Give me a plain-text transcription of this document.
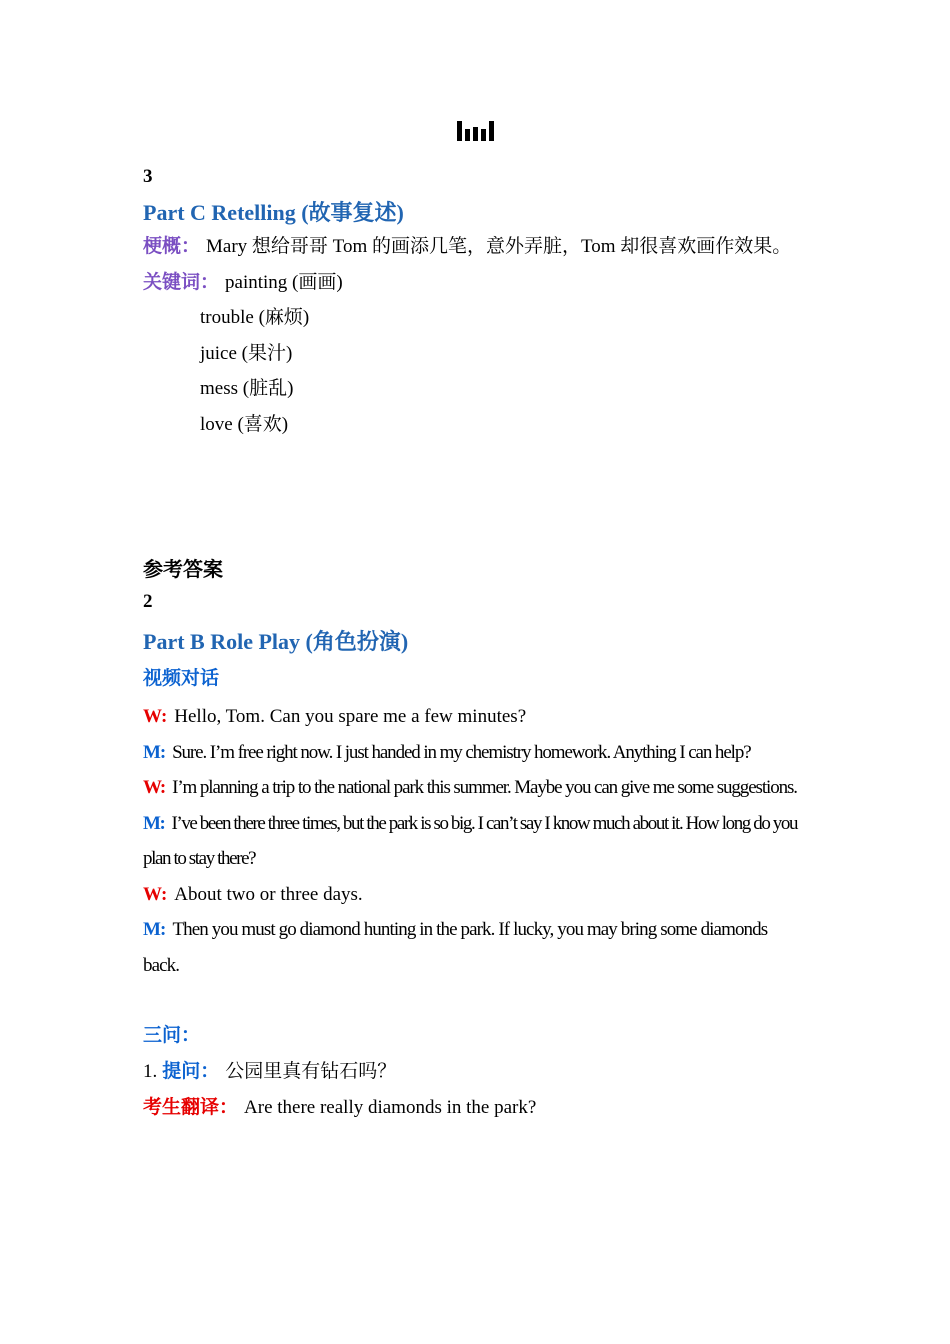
3
Part C Retelling (故事复述)

梗概： Mary 想给哥哥 Tom 的画添几笔，意外弄脏，Tom 却很喜欢画作效果。

关键词： painting (画画)

trouble (麻烦)

juice (果汁)

mess (脏乱)

love (喜欢)

参考答案
2
Part B Role Play (角色扮演)
视频对话

W: Hello, Tom. Can you spare me a few minutes?

M: Sure. I’m free right now. I just handed in my chemistry homework. Anything I can help?

W: I’m planning a trip to the national park this summer. Maybe you can give me some suggestions.

M: I’ve been there three times, but the park is so big. I can’t say I know much about it. How long do you plan to stay there?

W: About two or three days.

M: Then you must go diamond hunting in the park. If lucky, you may bring some diamonds back.

三问：

1. 提问： 公园里真有钻石吗？

考生翻译： Are there really diamonds in the park?
